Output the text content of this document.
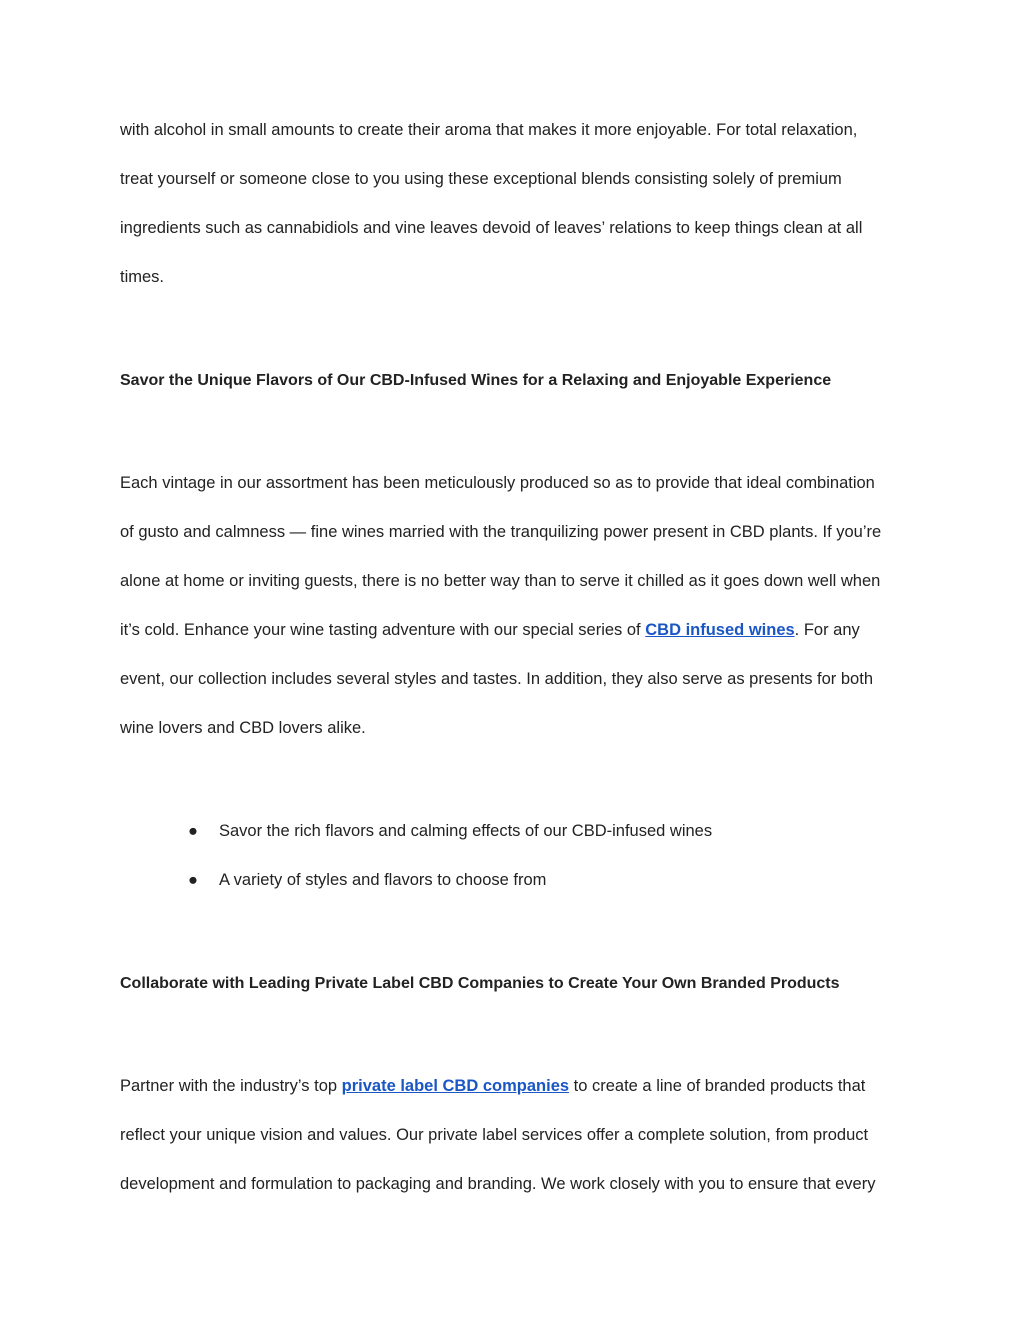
with alcohol in small amounts to create their aroma that makes it more enjoyable. For total relaxation,

treat yourself or someone close to you using these exceptional blends consisting solely of premium

ingredients such as cannabidiols and vine leaves devoid of leaves’ relations to keep things clean at all

times.

Savor the Unique Flavors of Our CBD-Infused Wines for a Relaxing and Enjoyable Experience

Each vintage in our assortment has been meticulously produced so as to provide that ideal combination

of gusto and calmness — fine wines married with the tranquilizing power present in CBD plants. If you’re

alone at home or inviting guests, there is no better way than to serve it chilled as it goes down well when

it’s cold. Enhance your wine tasting adventure with our special series of CBD infused wines. For any

event, our collection includes several styles and tastes. In addition, they also serve as presents for both

wine lovers and CBD lovers alike.

● Savor the rich flavors and calming effects of our CBD-infused wines

● A variety of styles and flavors to choose from

Collaborate with Leading Private Label CBD Companies to Create Your Own Branded Products

Partner with the industry’s top private label CBD companies to create a line of branded products that

reflect your unique vision and values. Our private label services offer a complete solution, from product

development and formulation to packaging and branding. We work closely with you to ensure that every
